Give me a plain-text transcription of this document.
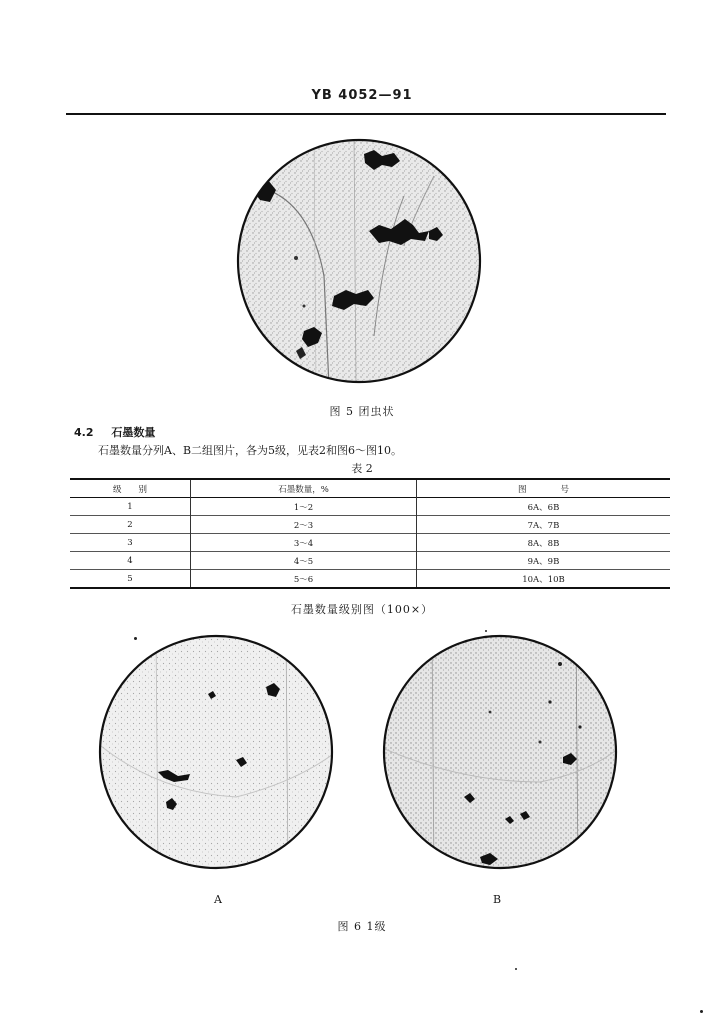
YB 4052—91
图 5 团虫状
4.2 石墨数量
石墨数量分列A、B二组图片，各为5级，见表2和图6～图10。
表 2
级　　别	石墨数量，%	图　　　　号
1	1～2	6A、6B
2	2～3	7A、7B
3	3～4	8A、8B
4	4～5	9A、9B
5	5～6	10A、10B
石墨数量级别图（100×）
A	B
图 6 1级
